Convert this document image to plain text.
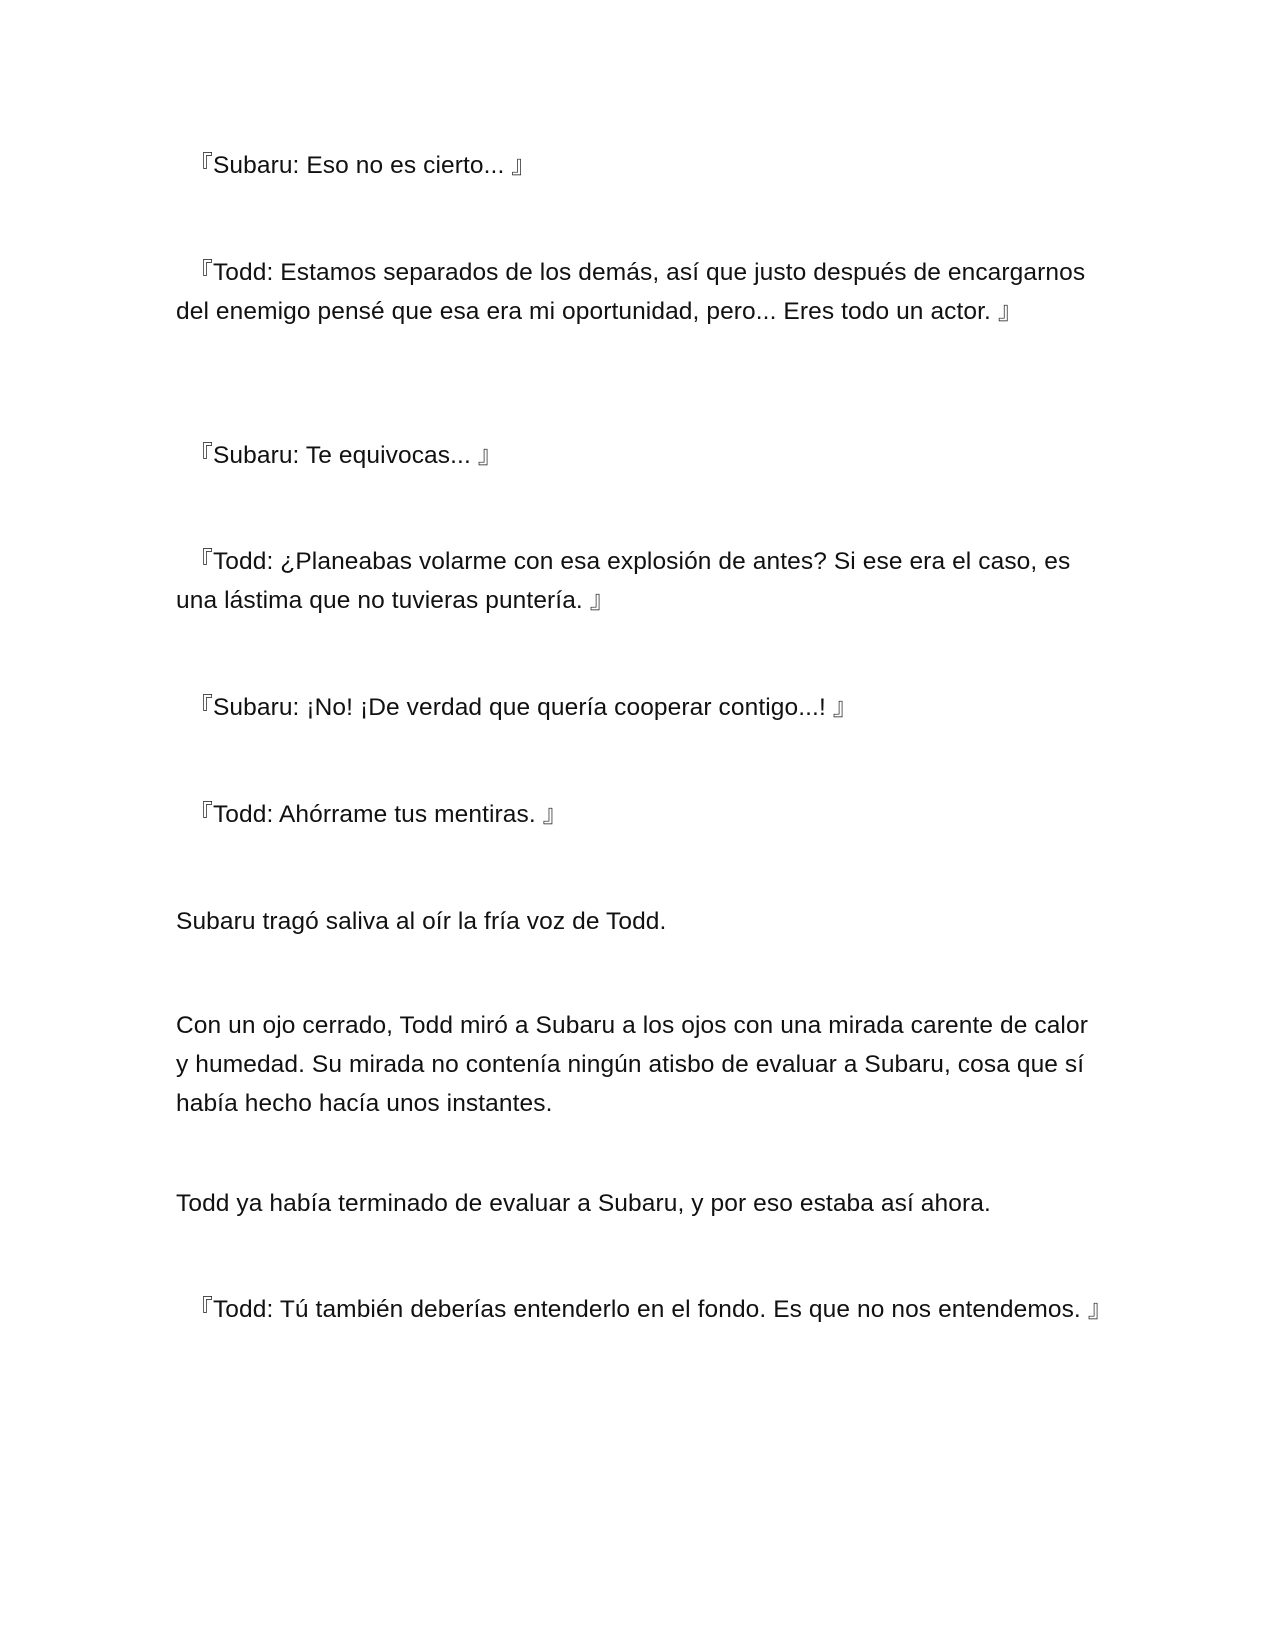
　『Subaru: Eso no es cierto... 』

　『Todd: Estamos separados de los demás, así que justo después de encargarnos del enemigo pensé que esa era mi oportunidad, pero... Eres todo un actor. 』

　『Subaru: Te equivocas... 』

　『Todd: ¿Planeabas volarme con esa explosión de antes? Si ese era el caso, es una lástima que no tuvieras puntería. 』

　『Subaru: ¡No! ¡De verdad que quería cooperar contigo...! 』

　『Todd: Ahórrame tus mentiras. 』

Subaru tragó saliva al oír la fría voz de Todd.

Con un ojo cerrado, Todd miró a Subaru a los ojos con una mirada carente de calor y humedad. Su mirada no contenía ningún atisbo de evaluar a Subaru, cosa que sí había hecho hacía unos instantes.

Todd ya había terminado de evaluar a Subaru, y por eso estaba así ahora.

　『Todd: Tú también deberías entenderlo en el fondo. Es que no nos entendemos. 』
